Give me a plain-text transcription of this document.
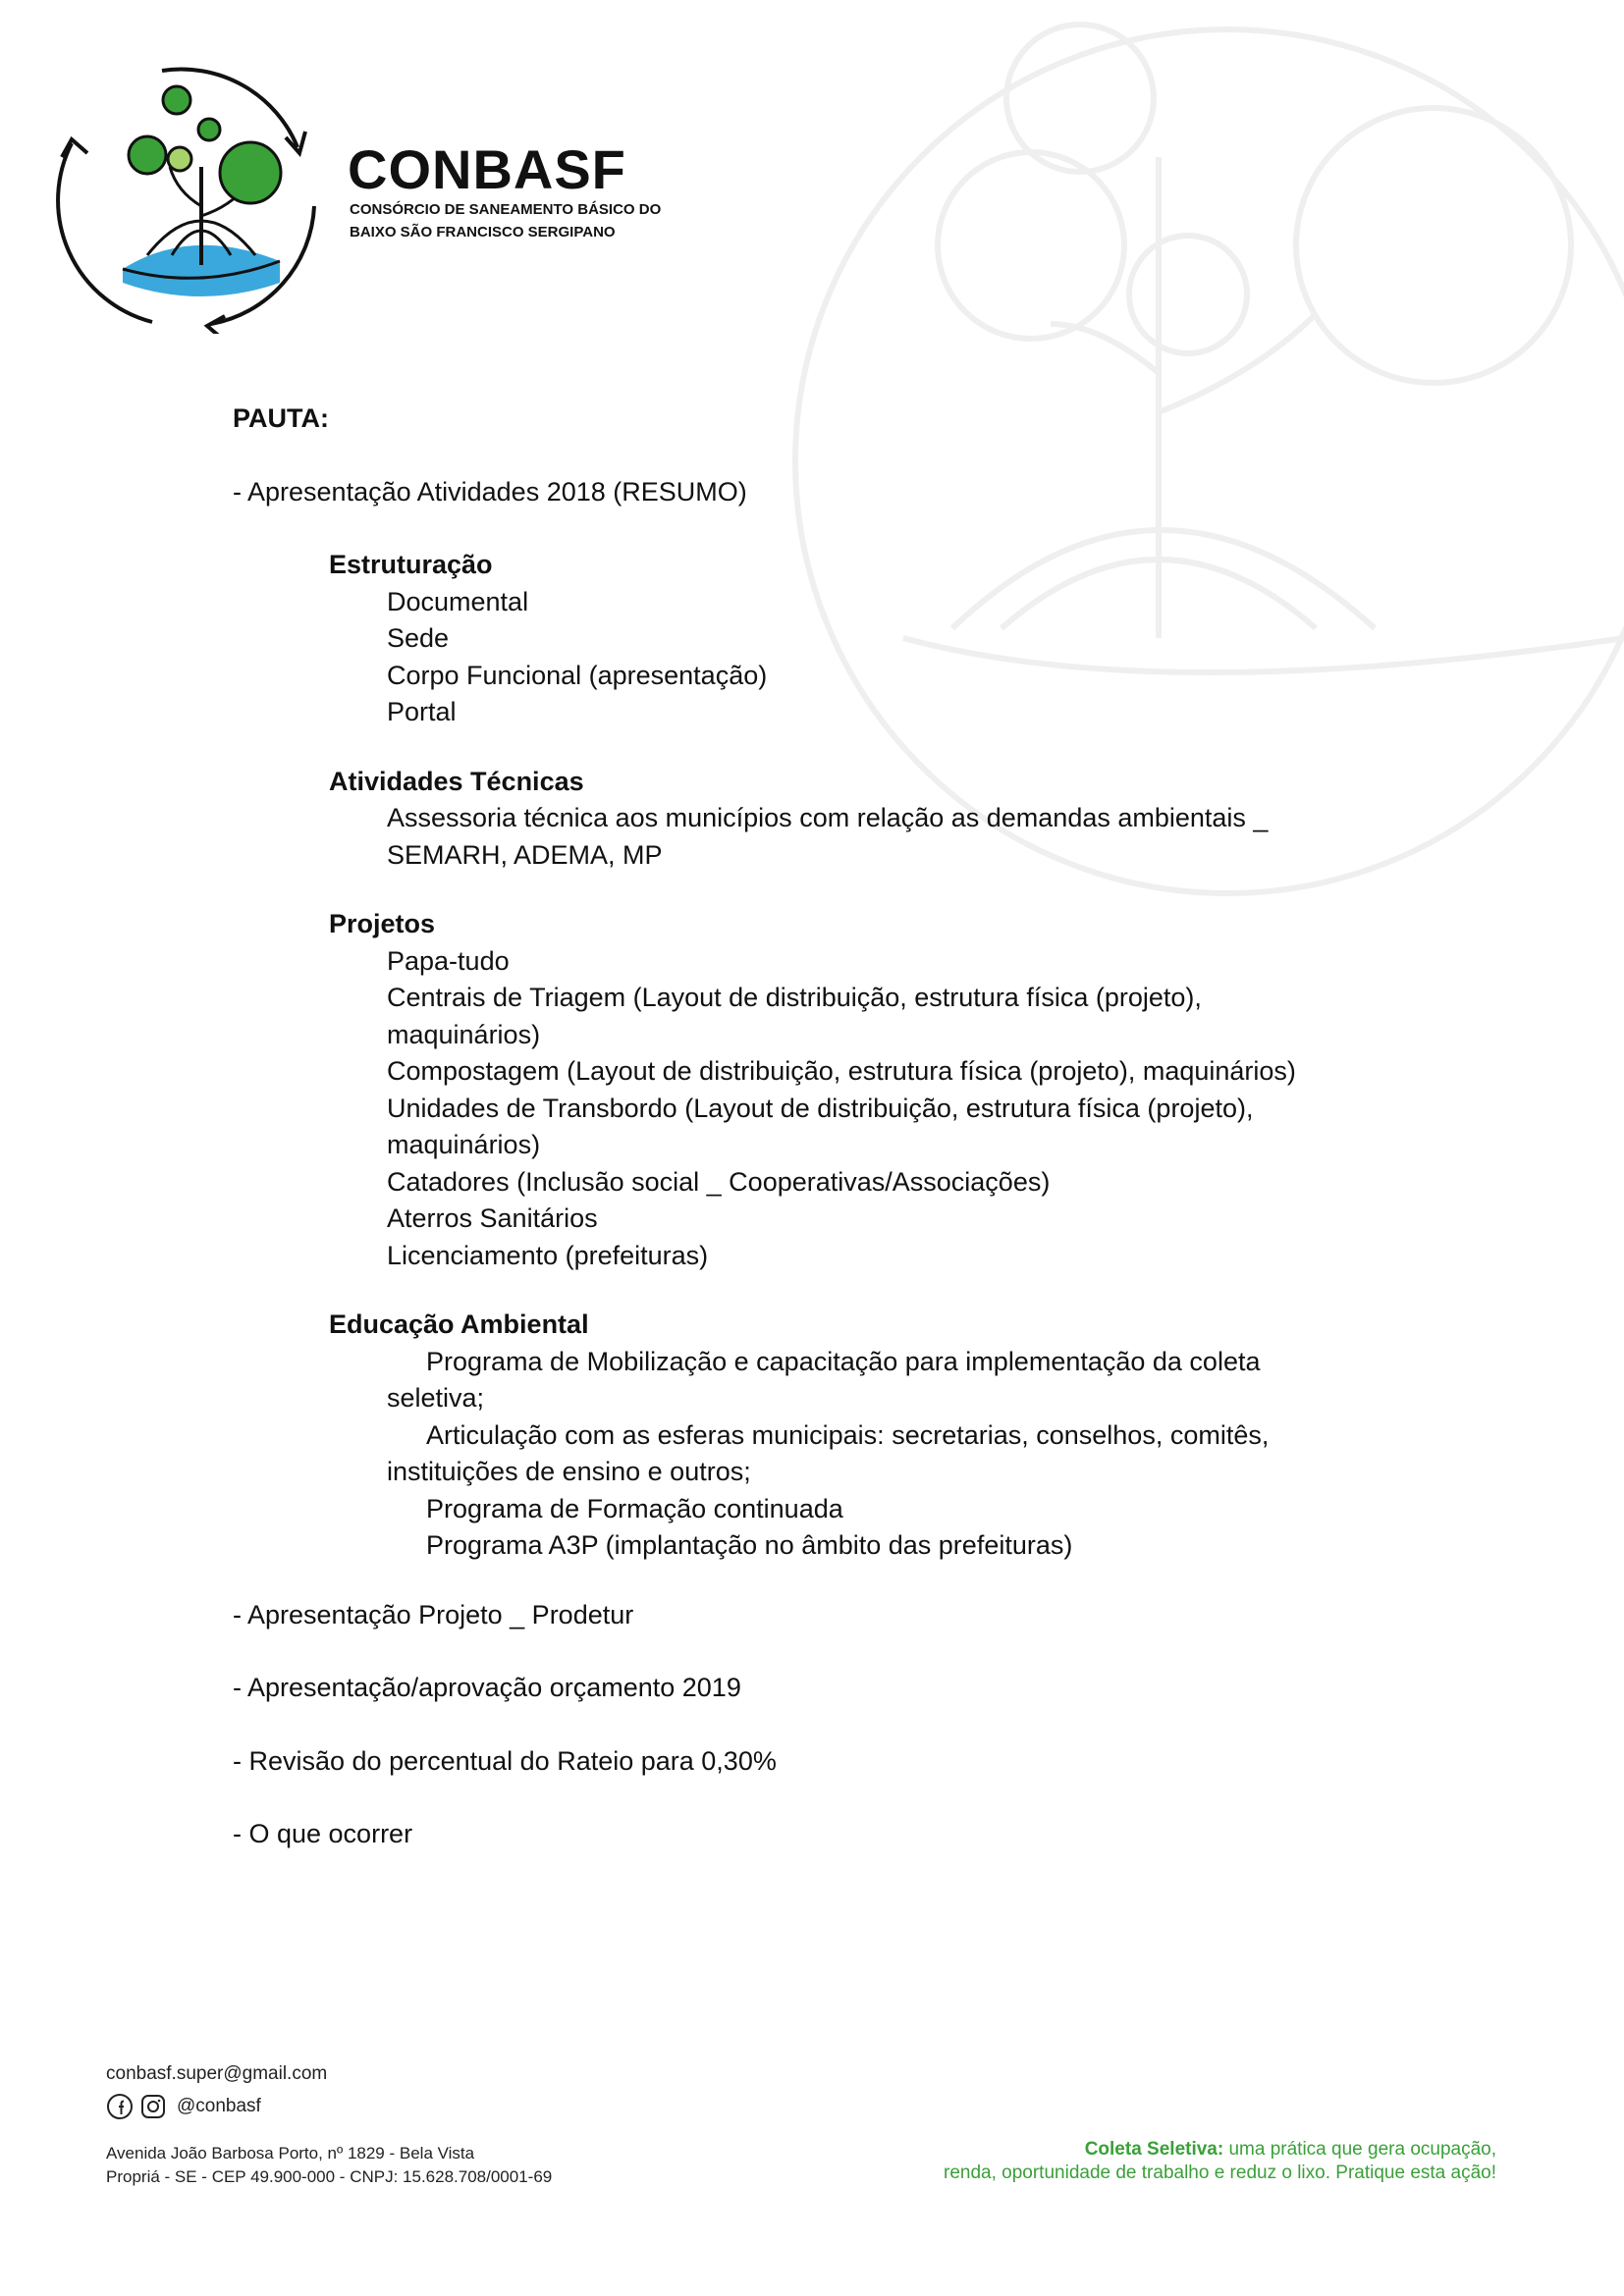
CONBASF
CONSÓRCIO DE SANEAMENTO BÁSICO DO
BAIXO SÃO FRANCISCO SERGIPANO

PAUTA:

- Apresentação Atividades 2018 (RESUMO)

Estruturação

Documental

Sede

Corpo Funcional (apresentação)

Portal

Atividades Técnicas

Assessoria técnica aos municípios com relação as demandas ambientais _

SEMARH, ADEMA, MP

Projetos

Papa-tudo

Centrais de Triagem (Layout de distribuição, estrutura física (projeto),

maquinários)

Compostagem (Layout de distribuição, estrutura física (projeto), maquinários)

Unidades de Transbordo (Layout de distribuição, estrutura física (projeto),

maquinários)

Catadores (Inclusão social _ Cooperativas/Associações)

Aterros Sanitários

Licenciamento (prefeituras)

Educação Ambiental

Programa de Mobilização e capacitação para implementação da coleta

seletiva;

Articulação com as esferas municipais: secretarias, conselhos, comitês,

instituições de ensino e outros;

Programa de Formação continuada

Programa A3P (implantação no âmbito das prefeituras)

- Apresentação Projeto _ Prodetur

- Apresentação/aprovação orçamento 2019

- Revisão do percentual do Rateio para 0,30%

- O que ocorrer

conbasf.super@gmail.com

@conbasf

Avenida João Barbosa Porto, nº 1829 - Bela Vista

Propriá - SE - CEP 49.900-000 - CNPJ: 15.628.708/0001-69

Coleta Seletiva: uma prática que gera ocupação,

renda, oportunidade de trabalho e reduz o lixo. Pratique esta ação!
